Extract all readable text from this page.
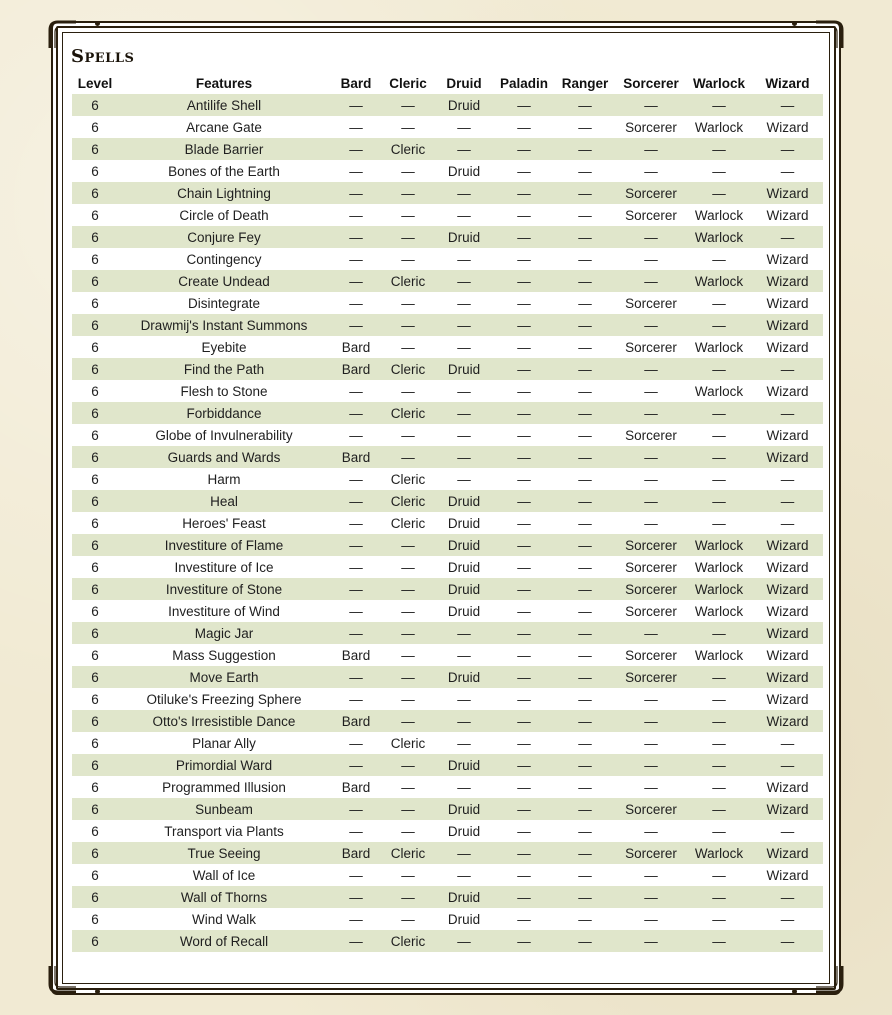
Spells
Level	Features	Bard	Cleric	Druid	Paladin	Ranger	Sorcerer	Warlock	Wizard
6	Antilife Shell	—	—	Druid	—	—	—	—	—
6	Arcane Gate	—	—	—	—	—	Sorcerer	Warlock	Wizard
6	Blade Barrier	—	Cleric	—	—	—	—	—	—
6	Bones of the Earth	—	—	Druid	—	—	—	—	—
6	Chain Lightning	—	—	—	—	—	Sorcerer	—	Wizard
6	Circle of Death	—	—	—	—	—	Sorcerer	Warlock	Wizard
6	Conjure Fey	—	—	Druid	—	—	—	Warlock	—
6	Contingency	—	—	—	—	—	—	—	Wizard
6	Create Undead	—	Cleric	—	—	—	—	Warlock	Wizard
6	Disintegrate	—	—	—	—	—	Sorcerer	—	Wizard
6	Drawmij's Instant Summons	—	—	—	—	—	—	—	Wizard
6	Eyebite	Bard	—	—	—	—	Sorcerer	Warlock	Wizard
6	Find the Path	Bard	Cleric	Druid	—	—	—	—	—
6	Flesh to Stone	—	—	—	—	—	—	Warlock	Wizard
6	Forbiddance	—	Cleric	—	—	—	—	—	—
6	Globe of Invulnerability	—	—	—	—	—	Sorcerer	—	Wizard
6	Guards and Wards	Bard	—	—	—	—	—	—	Wizard
6	Harm	—	Cleric	—	—	—	—	—	—
6	Heal	—	Cleric	Druid	—	—	—	—	—
6	Heroes' Feast	—	Cleric	Druid	—	—	—	—	—
6	Investiture of Flame	—	—	Druid	—	—	Sorcerer	Warlock	Wizard
6	Investiture of Ice	—	—	Druid	—	—	Sorcerer	Warlock	Wizard
6	Investiture of Stone	—	—	Druid	—	—	Sorcerer	Warlock	Wizard
6	Investiture of Wind	—	—	Druid	—	—	Sorcerer	Warlock	Wizard
6	Magic Jar	—	—	—	—	—	—	—	Wizard
6	Mass Suggestion	Bard	—	—	—	—	Sorcerer	Warlock	Wizard
6	Move Earth	—	—	Druid	—	—	Sorcerer	—	Wizard
6	Otiluke's Freezing Sphere	—	—	—	—	—	—	—	Wizard
6	Otto's Irresistible Dance	Bard	—	—	—	—	—	—	Wizard
6	Planar Ally	—	Cleric	—	—	—	—	—	—
6	Primordial Ward	—	—	Druid	—	—	—	—	—
6	Programmed Illusion	Bard	—	—	—	—	—	—	Wizard
6	Sunbeam	—	—	Druid	—	—	Sorcerer	—	Wizard
6	Transport via Plants	—	—	Druid	—	—	—	—	—
6	True Seeing	Bard	Cleric	—	—	—	Sorcerer	Warlock	Wizard
6	Wall of Ice	—	—	—	—	—	—	—	Wizard
6	Wall of Thorns	—	—	Druid	—	—	—	—	—
6	Wind Walk	—	—	Druid	—	—	—	—	—
6	Word of Recall	—	Cleric	—	—	—	—	—	—
